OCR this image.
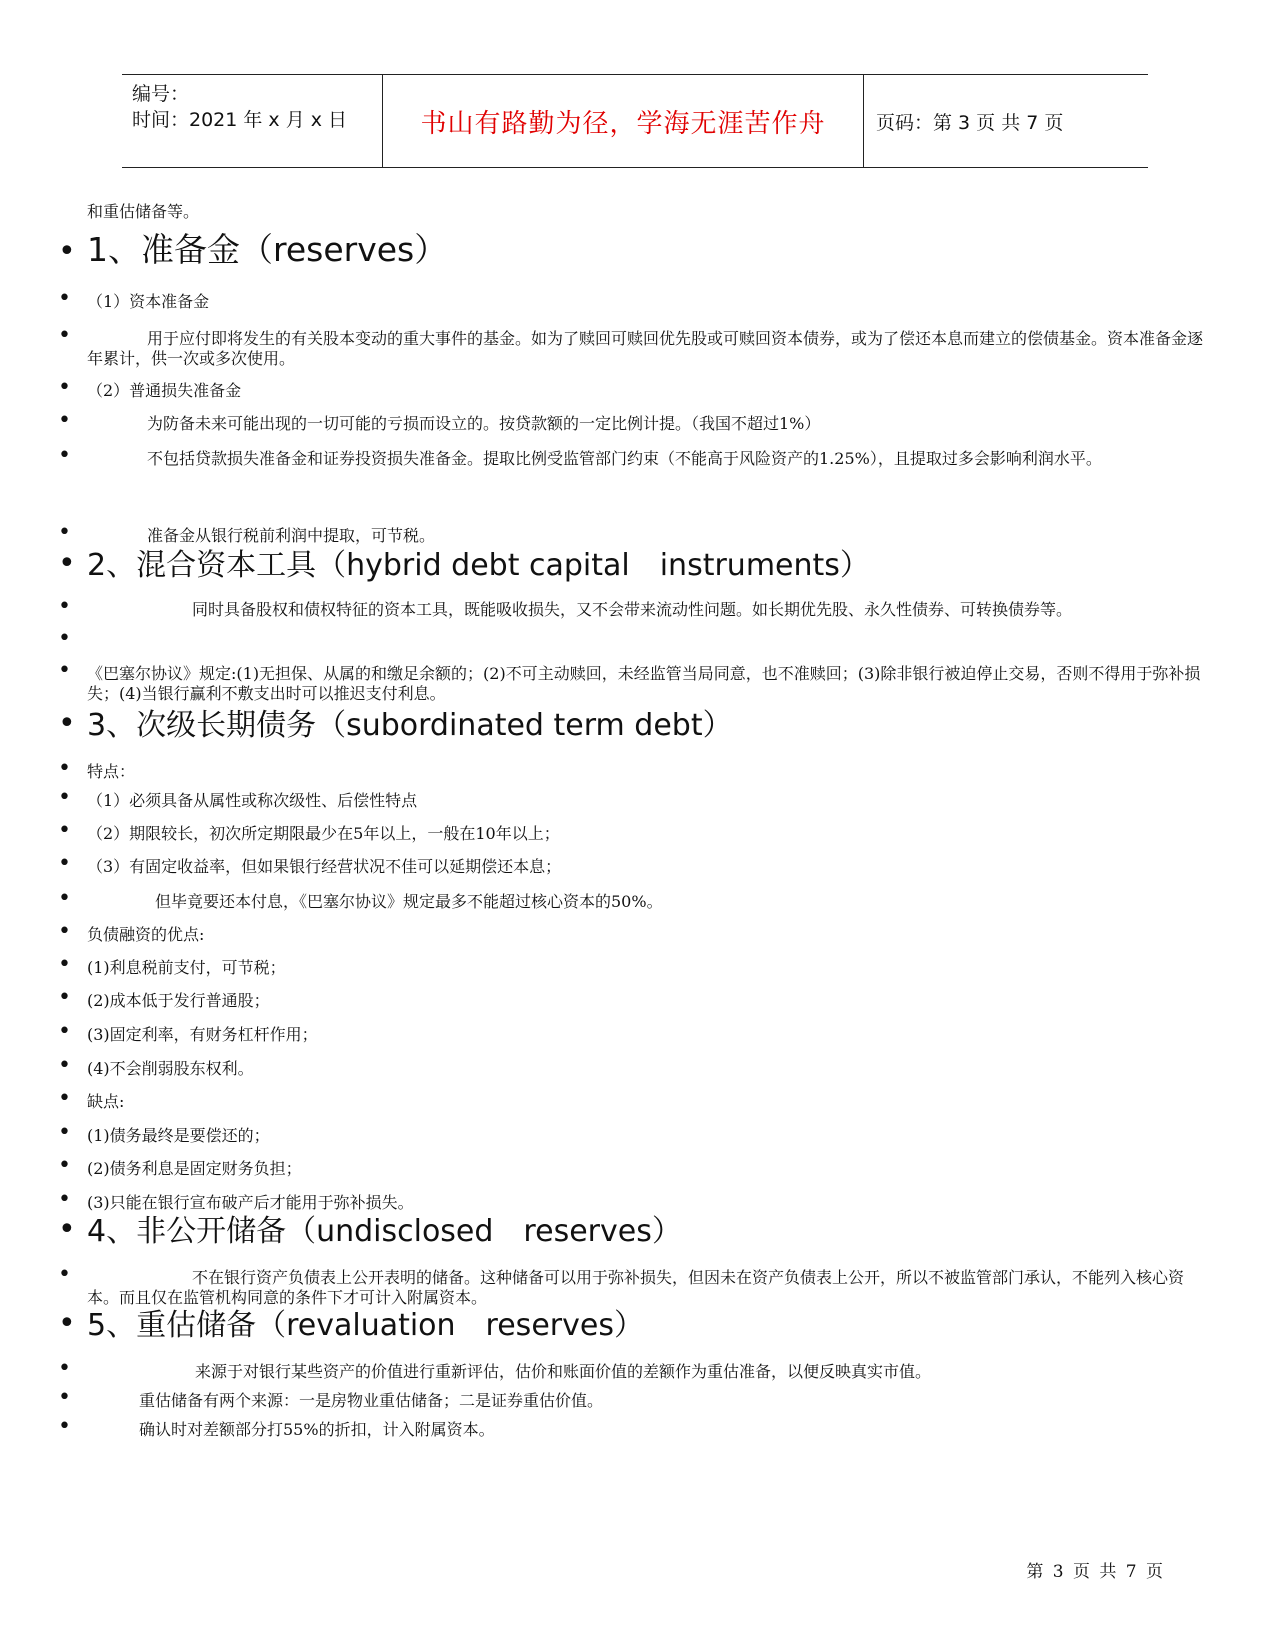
编号：
时间：2021 年 x 月 x 日	书山有路勤为径，学海无涯苦作舟	页码：第 3 页 共 7 页
和重估储备等。
• 1、准备金（reserves）
• （1）资本准备金
•	用于应付即将发生的有关股本变动的重大事件的基金。如为了赎回可赎回优先股或可赎回资本债券，或为了偿还本息而建立的偿债基金。资本准备金逐年累计，供一次或多次使用。
• （2）普通损失准备金
•	为防备未来可能出现的一切可能的亏损而设立的。按贷款额的一定比例计提。（我国不超过1%）
•	不包括贷款损失准备金和证券投资损失准备金。提取比例受监管部门约束（不能高于风险资产的1.25%），且提取过多会影响利润水平。
•	准备金从银行税前利润中提取，可节税。
• 2、混合资本工具（hybrid debt capital　instruments）
•	同时具备股权和债权特征的资本工具，既能吸收损失，又不会带来流动性问题。如长期优先股、永久性债券、可转换债券等。
•
• 《巴塞尔协议》规定:(1)无担保、从属的和缴足余额的；(2)不可主动赎回，未经监管当局同意，也不准赎回；(3)除非银行被迫停止交易，否则不得用于弥补损失；(4)当银行赢利不敷支出时可以推迟支付利息。
• 3、次级长期债务（subordinated term debt）
• 特点：
• （1）必须具备从属性或称次级性、后偿性特点
• （2）期限较长，初次所定期限最少在5年以上，一般在10年以上；
• （3）有固定收益率，但如果银行经营状况不佳可以延期偿还本息；
•	但毕竟要还本付息，《巴塞尔协议》规定最多不能超过核心资本的50%。
• 负债融资的优点:
• (1)利息税前支付，可节税；
• (2)成本低于发行普通股；
• (3)固定利率，有财务杠杆作用；
• (4)不会削弱股东权利。
• 缺点:
• (1)债务最终是要偿还的；
• (2)债务利息是固定财务负担；
• (3)只能在银行宣布破产后才能用于弥补损失。
• 4、非公开储备（undisclosed　reserves）
•	不在银行资产负债表上公开表明的储备。这种储备可以用于弥补损失，但因未在资产负债表上公开，所以不被监管部门承认，不能列入核心资本。而且仅在监管机构同意的条件下才可计入附属资本。
• 5、重估储备（revaluation　reserves）
•	来源于对银行某些资产的价值进行重新评估，估价和账面价值的差额作为重估准备，以便反映真实市值。
•	重估储备有两个来源：一是房物业重估储备；二是证券重估价值。
•	确认时对差额部分打55%的折扣，计入附属资本。
第 3 页 共 7 页
